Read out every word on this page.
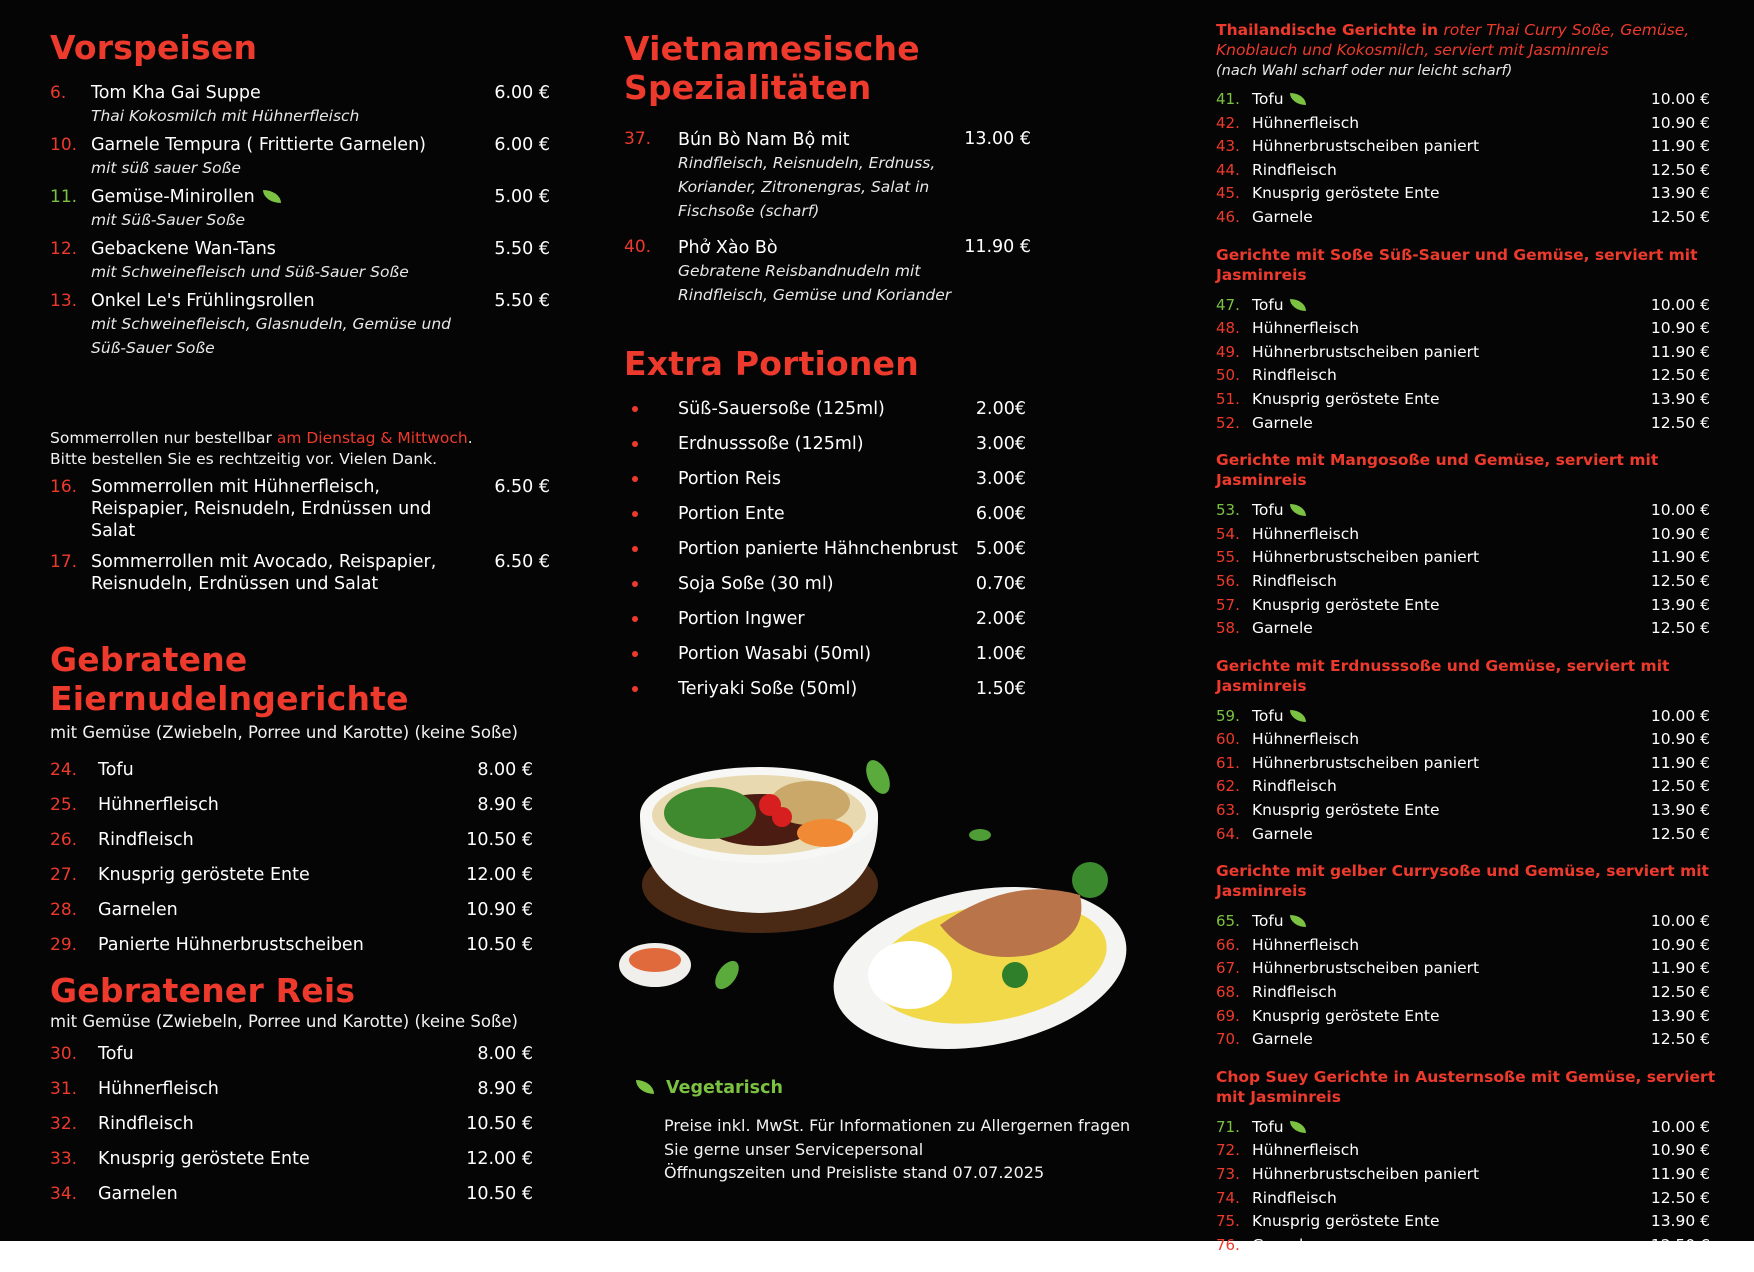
Vorspeisen
6. Tom Kha Gai Suppe	6.00 €
Thai Kokosmilch mit Hühnerfleisch
10. Garnele Tempura ( Frittierte Garnelen)	6.00 €
mit süß sauer Soße
11. Gemüse-Minirollen	5.00 €
mit Süß-Sauer Soße
12. Gebackene Wan-Tans	5.50 €
mit Schweinefleisch und Süß-Sauer Soße
13. Onkel Le's Frühlingsrollen	5.50 €
mit Schweinefleisch, Glasnudeln, Gemüse und Süß-Sauer Soße
Sommerrollen nur bestellbar am Dienstag & Mittwoch.
Bitte bestellen Sie es rechtzeitig vor. Vielen Dank.
16. Sommerrollen mit Hühnerfleisch, Reispapier, Reisnudeln, Erdnüssen und Salat
6.50 €
17. Sommerrollen mit Avocado, Reispapier, Reisnudeln, Erdnüssen und Salat
6.50 €
Gebratene Eiernudelngerichte
mit Gemüse (Zwiebeln, Porree und Karotte) (keine Soße)
24. Tofu	8.00 €
25. Hühnerfleisch	8.90 €
26. Rindfleisch	10.50 €
27. Knusprig geröstete Ente	12.00 €
28. Garnelen	10.90 €
29. Panierte Hühnerbrustscheiben	10.50 €
Gebratener Reis
mit Gemüse (Zwiebeln, Porree und Karotte) (keine Soße)
30. Tofu	8.00 €
31. Hühnerfleisch	8.90 €
32. Rindfleisch	10.50 €
33. Knusprig geröstete Ente	12.00 €
34. Garnelen	10.50 €
Vietnamesische Spezialitäten
37. Bún Bò Nam Bộ mit	13.00 €
Rindfleisch, Reisnudeln, Erdnuss, Koriander, Zitronengras, Salat in Fischsoße (scharf)
40. Phở Xào Bò	11.90 €
Gebratene Reisbandnudeln mit Rindfleisch, Gemüse und Koriander
Extra Portionen
Süß-Sauersoße (125ml)	2.00€
Erdnusssoße (125ml)	3.00€
Portion Reis	3.00€
Portion Ente	6.00€
Portion panierte Hähnchenbrust	5.00€
Soja Soße (30 ml)	0.70€
Portion Ingwer	2.00€
Portion Wasabi (50ml)	1.00€
Teriyaki Soße (50ml)	1.50€
Vegetarisch
Preise inkl. MwSt. Für Informationen zu Allergernen fragen
Sie gerne unser Servicepersonal
Öffnungszeiten und Preisliste stand 07.07.2025
Thailandische Gerichte in roter Thai Curry Soße, Gemüse,
Knoblauch und Kokosmilch, serviert mit Jasminreis
(nach Wahl scharf oder nur leicht scharf)
41. Tofu	10.00 €
42. Hühnerfleisch	10.90 €
43. Hühnerbrustscheiben paniert	11.90 €
44. Rindfleisch	12.50 €
45. Knusprig geröstete Ente	13.90 €
46. Garnele	12.50 €
Gerichte mit Soße Süß-Sauer und Gemüse, serviert mit Jasminreis
47. Tofu	10.00 €
48. Hühnerfleisch	10.90 €
49. Hühnerbrustscheiben paniert	11.90 €
50. Rindfleisch	12.50 €
51. Knusprig geröstete Ente	13.90 €
52. Garnele	12.50 €
Gerichte mit Mangosoße und Gemüse, serviert mit Jasminreis
53. Tofu	10.00 €
54. Hühnerfleisch	10.90 €
55. Hühnerbrustscheiben paniert	11.90 €
56. Rindfleisch	12.50 €
57. Knusprig geröstete Ente	13.90 €
58. Garnele	12.50 €
Gerichte mit Erdnusssoße und Gemüse, serviert mit Jasminreis
59. Tofu	10.00 €
60. Hühnerfleisch	10.90 €
61. Hühnerbrustscheiben paniert	11.90 €
62. Rindfleisch	12.50 €
63. Knusprig geröstete Ente	13.90 €
64. Garnele	12.50 €
Gerichte mit gelber Currysoße und Gemüse, serviert mit Jasminreis
65. Tofu	10.00 €
66. Hühnerfleisch	10.90 €
67. Hühnerbrustscheiben paniert	11.90 €
68. Rindfleisch	12.50 €
69. Knusprig geröstete Ente	13.90 €
70. Garnele	12.50 €
Chop Suey Gerichte in Austernsoße mit Gemüse, serviert mit Jasminreis
71. Tofu	10.00 €
72. Hühnerfleisch	10.90 €
73. Hühnerbrustscheiben paniert	11.90 €
74. Rindfleisch	12.50 €
75. Knusprig geröstete Ente	13.90 €
76. Garnele	12.50 €
